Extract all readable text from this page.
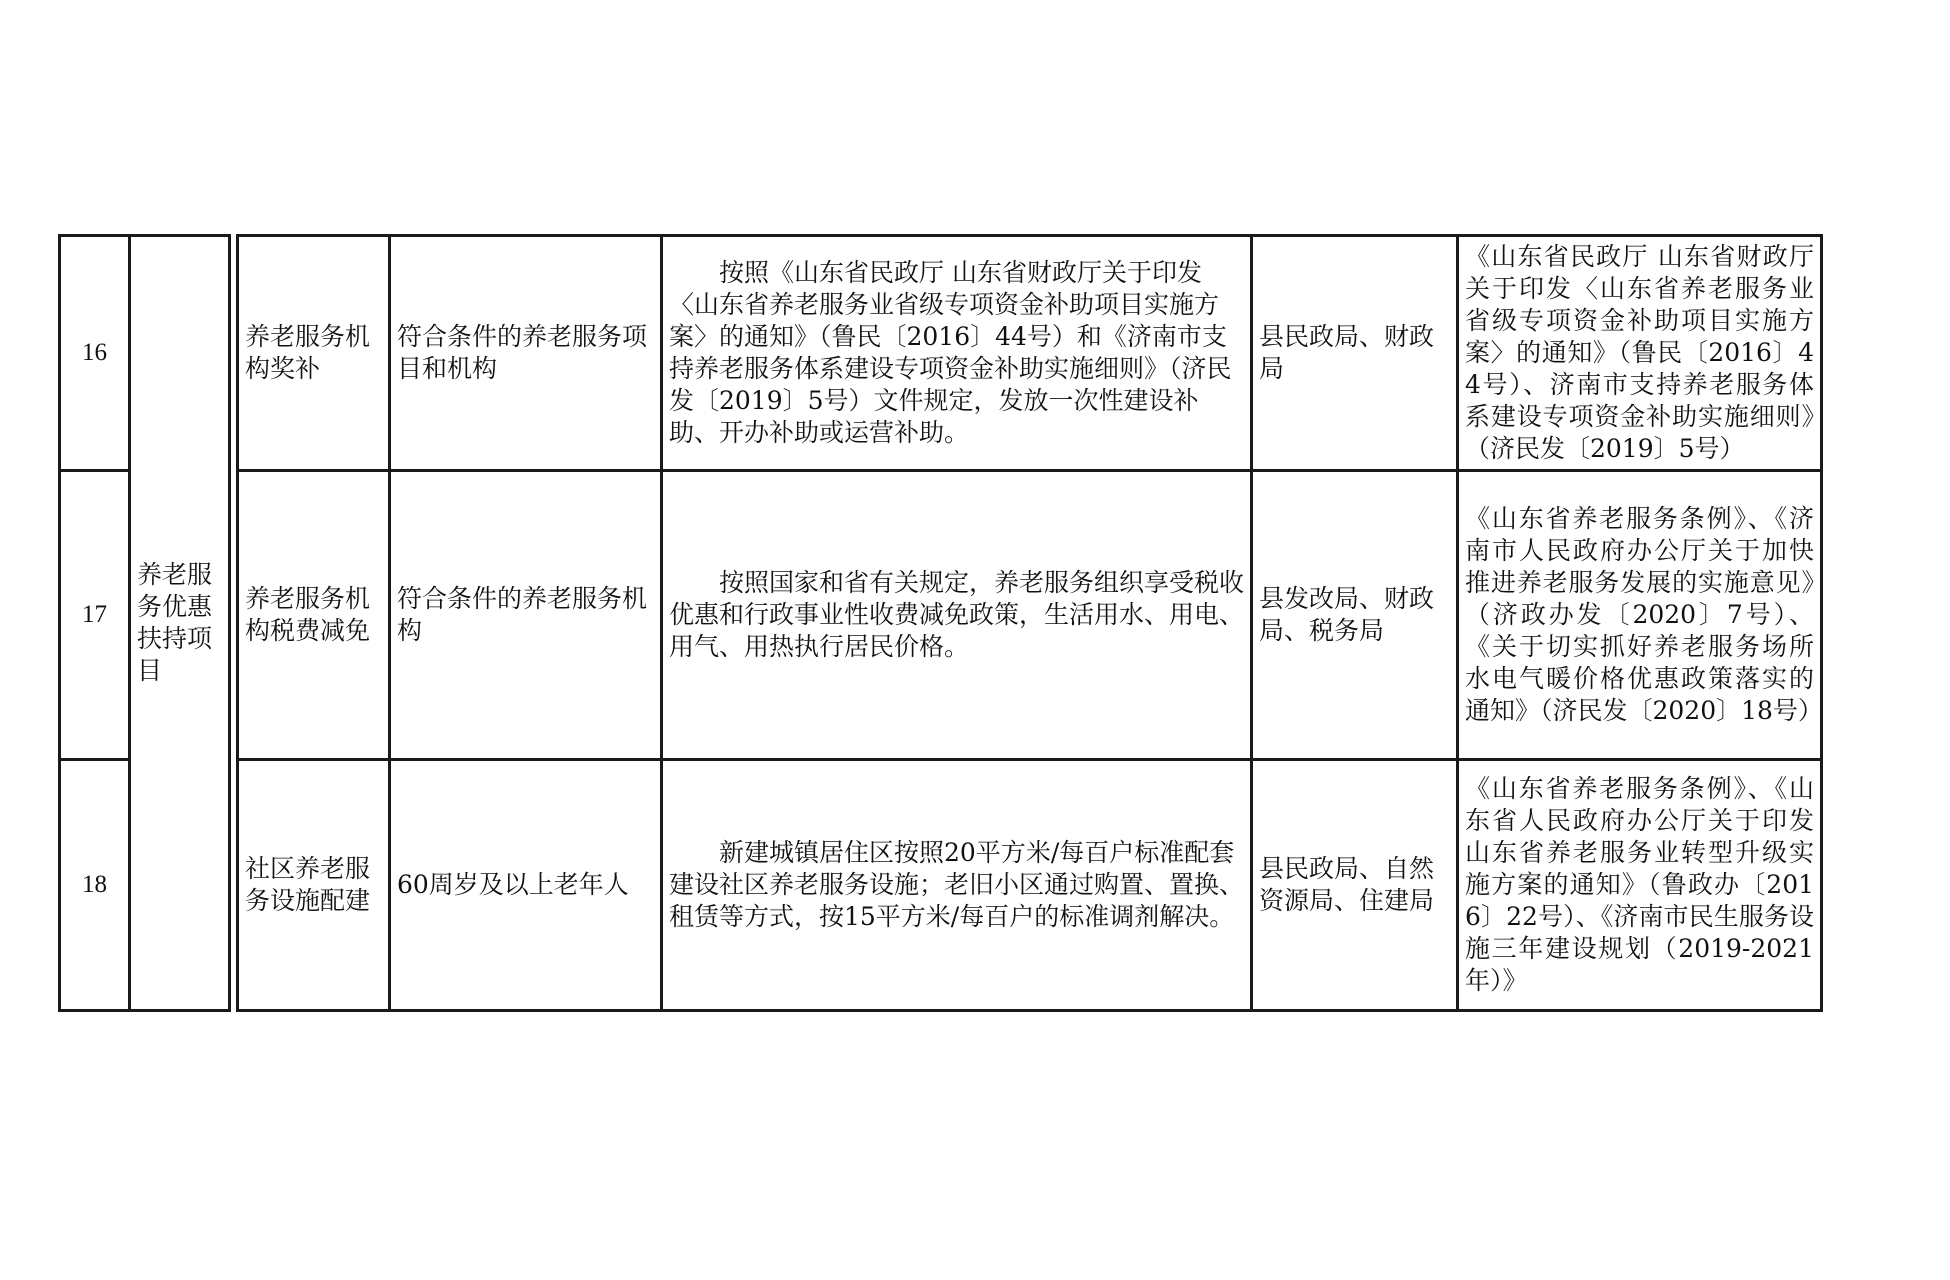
16	养老服务优惠扶持项目		养老服务机构奖补	符合条件的养老服务项目和机构	按照《山东省民政厅 山东省财政厅关于印发〈山东省养老服务业省级专项资金补助项目实施方案〉的通知》（鲁民〔2016〕44号）和《济南市支持养老服务体系建设专项资金补助实施细则》（济民发〔2019〕5号）文件规定，发放一次性建设补助、开办补助或运营补助。	县民政局、财政局	《山东省民政厅 山东省财政厅关于印发〈山东省养老服务业省级专项资金补助项目实施方案〉的通知》（鲁民〔2016〕44号）、济南市支持养老服务体系建设专项资金补助实施细则》（济民发〔2019〕5号）
17			养老服务机构税费减免	符合条件的养老服务机构	按照国家和省有关规定，养老服务组织享受税收优惠和行政事业性收费减免政策，生活用水、用电、用气、用热执行居民价格。	县发改局、财政局、税务局	《山东省养老服务条例》、《济南市人民政府办公厅关于加快推进养老服务发展的实施意见》（济政办发〔2020〕7号）、《关于切实抓好养老服务场所水电气暖价格优惠政策落实的通知》（济民发〔2020〕18号）
18			社区养老服务设施配建	60周岁及以上老年人	新建城镇居住区按照20平方米/每百户标准配套建设社区养老服务设施；老旧小区通过购置、置换、租赁等方式，按15平方米/每百户的标准调剂解决。	县民政局、自然资源局、住建局	《山东省养老服务条例》、《山东省人民政府办公厅关于印发山东省养老服务业转型升级实施方案的通知》（鲁政办〔2016〕22号）、《济南市民生服务设施三年建设规划（2019-2021年）》
